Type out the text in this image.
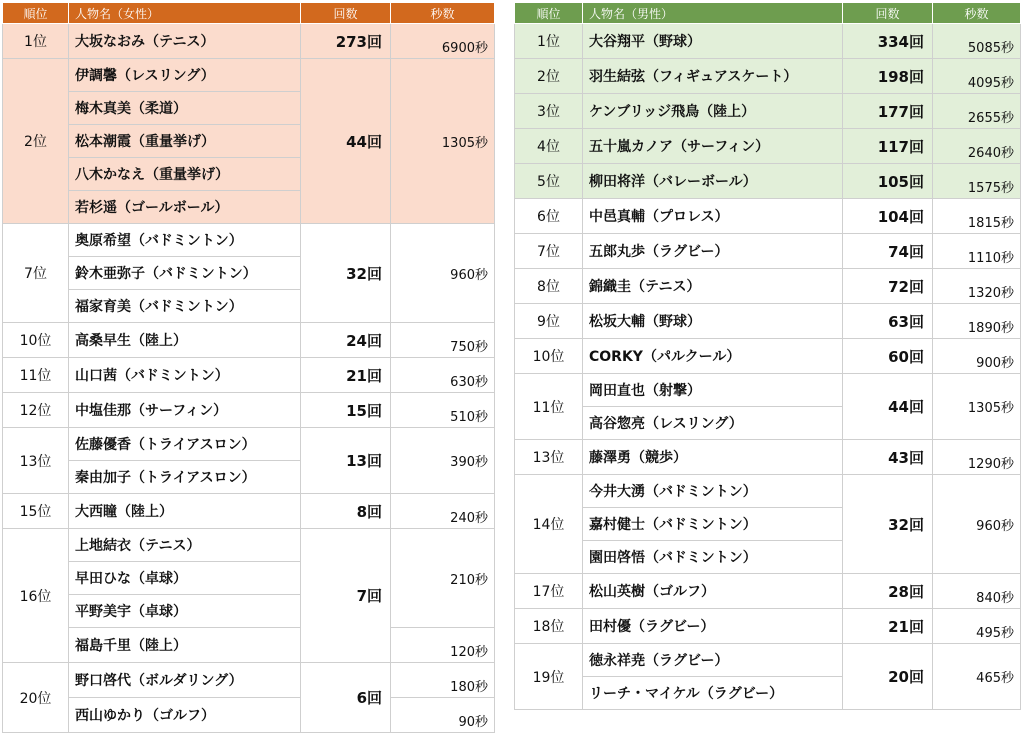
順位	人物名（女性）	回数	秒数
1位	大坂なおみ（テニス）	273回	6900秒
2位	伊調馨（レスリング）	44回	1305秒
	梅木真美（柔道）		
	松本潮霞（重量挙げ）		
	八木かなえ（重量挙げ）		
	若杉遥（ゴールボール）		
7位	奥原希望（バドミントン）	32回	960秒
	鈴木亜弥子（バドミントン）		
	福家育美（バドミントン）		
10位	高桑早生（陸上）	24回	750秒
11位	山口茜（バドミントン）	21回	630秒
12位	中塩佳那（サーフィン）	15回	510秒
13位	佐藤優香（トライアスロン）	13回	390秒
	秦由加子（トライアスロン）		
15位	大西瞳（陸上）	8回	240秒
16位	上地結衣（テニス）	7回	210秒
	早田ひな（卓球）		
	平野美宇（卓球）		
	福島千里（陸上）		120秒
20位	野口啓代（ボルダリング）	6回	180秒
	西山ゆかり（ゴルフ）		90秒
順位	人物名（男性）	回数	秒数
1位	大谷翔平（野球）	334回	5085秒
2位	羽生結弦（フィギュアスケート）	198回	4095秒
3位	ケンブリッジ飛鳥（陸上）	177回	2655秒
4位	五十嵐カノア（サーフィン）	117回	2640秒
5位	柳田将洋（バレーボール）	105回	1575秒
6位	中邑真輔（プロレス）	104回	1815秒
7位	五郎丸歩（ラグビー）	74回	1110秒
8位	錦織圭（テニス）	72回	1320秒
9位	松坂大輔（野球）	63回	1890秒
10位	CORKY（パルクール）	60回	900秒
11位	岡田直也（射撃）	44回	1305秒
	高谷惣亮（レスリング）		
13位	藤澤勇（競歩）	43回	1290秒
14位	今井大湧（バドミントン）	32回	960秒
	嘉村健士（バドミントン）		
	園田啓悟（バドミントン）		
17位	松山英樹（ゴルフ）	28回	840秒
18位	田村優（ラグビー）	21回	495秒
19位	徳永祥尭（ラグビー）	20回	465秒
	リーチ・マイケル（ラグビー）		
